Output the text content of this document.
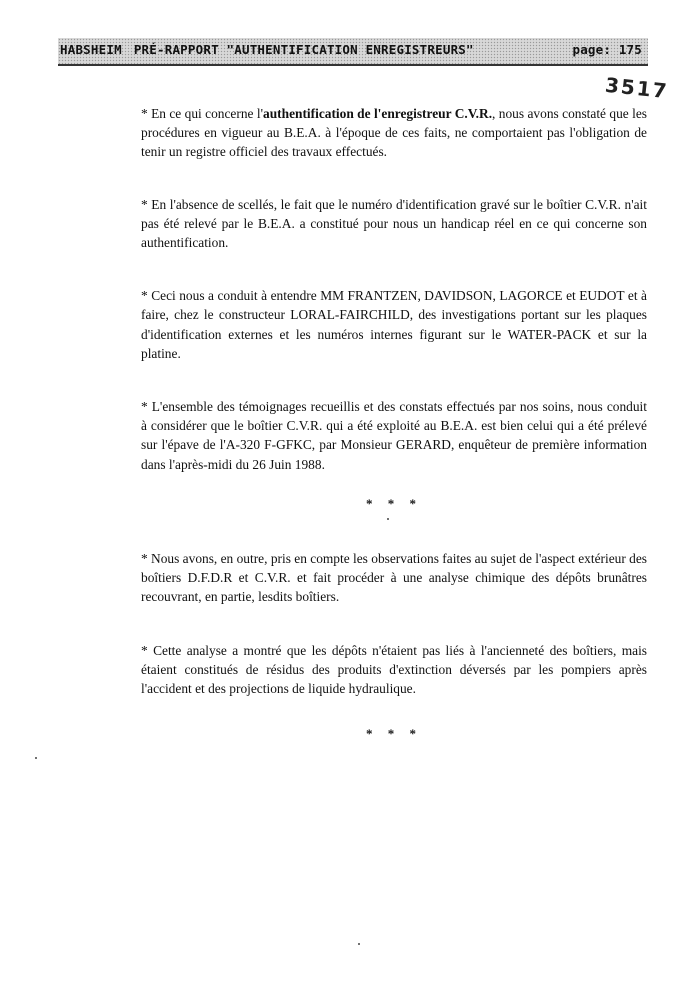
HABSHEIM PRÉ-RAPPORT "AUTHENTIFICATION ENREGISTREURS"	page: 175
3517

* En ce qui concerne l'authentification de l'enregistreur C.V.R., nous avons constaté que les procédures en vigueur au B.E.A. à l'époque de ces faits, ne comportaient pas l'obligation de tenir un registre officiel des travaux effectués.

* En l'absence de scellés, le fait que le numéro d'identification gravé sur le boîtier C.V.R. n'ait pas été relevé par le B.E.A. a constitué pour nous un handicap réel en ce qui concerne son authentification.

* Ceci nous a conduit à entendre MM FRANTZEN, DAVIDSON, LAGORCE et EUDOT et à faire, chez le constructeur LORAL-FAIRCHILD, des investigations portant sur les plaques d'identification externes et les numéros internes figurant sur le WATER-PACK et sur la platine.

* L'ensemble des témoignages recueillis et des constats effectués par nos soins, nous conduit à considérer que le boîtier C.V.R. qui a été exploité au B.E.A. est bien celui qui a été prélevé sur l'épave de l'A-320 F-GFKC, par Monsieur GERARD, enquêteur de première information dans l'après-midi du 26 Juin 1988.

* * *

* Nous avons, en outre, pris en compte les observations faites au sujet de l'aspect extérieur des boîtiers D.F.D.R et C.V.R. et fait procéder à une analyse chimique des dépôts brunâtres recouvrant, en partie, lesdits boîtiers.

* Cette analyse a montré que les dépôts n'étaient pas liés à l'ancienneté des boîtiers, mais étaient constitués de résidus des produits d'extinction déversés par les pompiers après l'accident et des projections de liquide hydraulique.

* * *
